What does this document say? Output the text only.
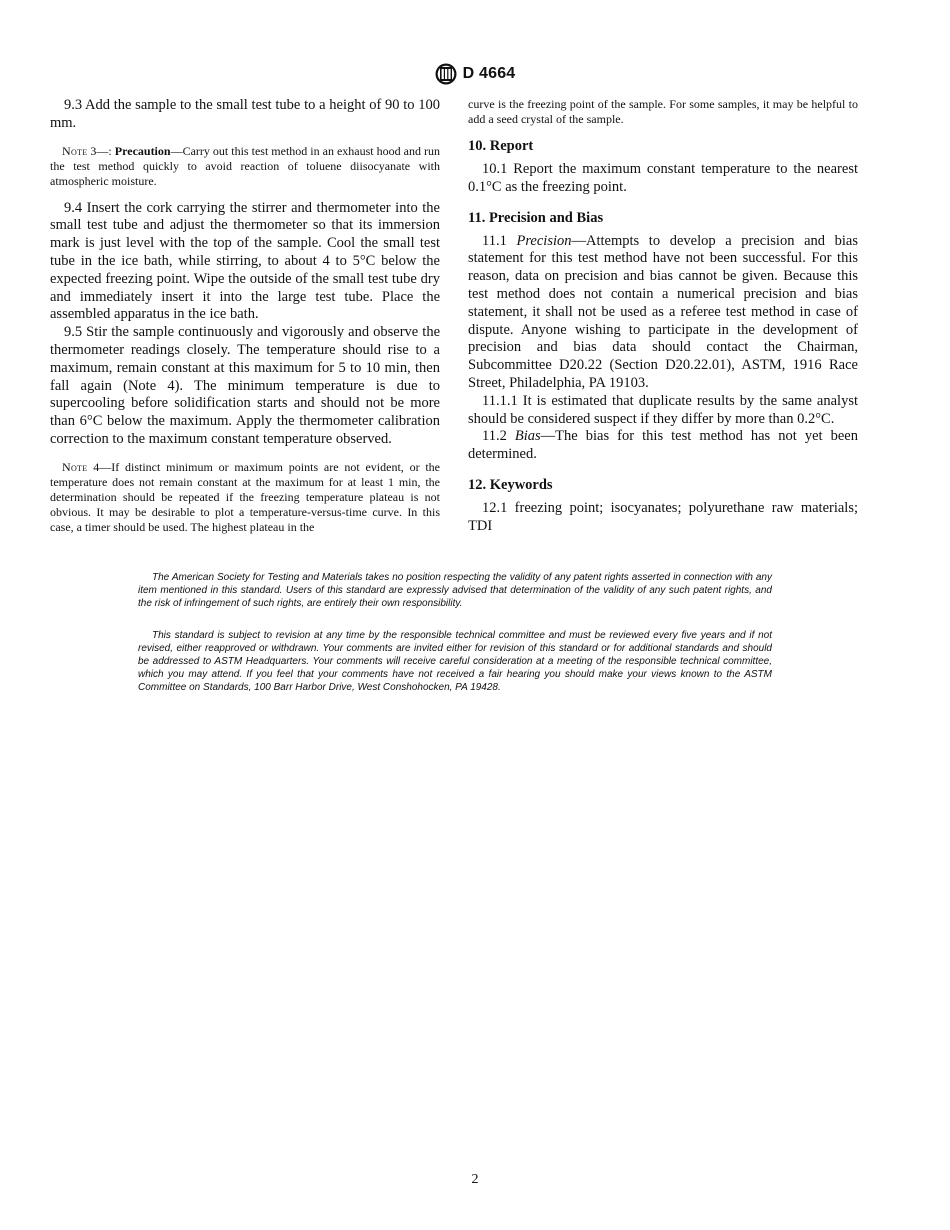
D 4664

9.3 Add the sample to the small test tube to a height of 90 to 100 mm.

Note 3—: Precaution—Carry out this test method in an exhaust hood and run the test method quickly to avoid reaction of toluene diisocyanate with atmospheric moisture.

9.4 Insert the cork carrying the stirrer and thermometer into the small test tube and adjust the thermometer so that its immersion mark is just level with the top of the sample. Cool the small test tube in the ice bath, while stirring, to about 4 to 5°C below the expected freezing point. Wipe the outside of the small test tube dry and immediately insert it into the large test tube. Place the assembled apparatus in the ice bath.

9.5 Stir the sample continuously and vigorously and observe the thermometer readings closely. The temperature should rise to a maximum, remain constant at this maximum for 5 to 10 min, then fall again (Note 4). The minimum temperature is due to supercooling before solidification starts and should not be more than 6°C below the maximum. Apply the thermometer calibration correction to the maximum constant temperature observed.

Note 4—If distinct minimum or maximum points are not evident, or the temperature does not remain constant at the maximum for at least 1 min, the determination should be repeated if the freezing temperature plateau is not obvious. It may be desirable to plot a temperature-versus-time curve. In this case, a timer should be used. The highest plateau in the

curve is the freezing point of the sample. For some samples, it may be helpful to add a seed crystal of the sample.

10. Report

10.1 Report the maximum constant temperature to the nearest 0.1°C as the freezing point.

11. Precision and Bias

11.1 Precision—Attempts to develop a precision and bias statement for this test method have not been successful. For this reason, data on precision and bias cannot be given. Because this test method does not contain a numerical precision and bias statement, it shall not be used as a referee test method in case of dispute. Anyone wishing to participate in the development of precision and bias data should contact the Chairman, Subcommittee D20.22 (Section D20.22.01), ASTM, 1916 Race Street, Philadelphia, PA 19103.

11.1.1 It is estimated that duplicate results by the same analyst should be considered suspect if they differ by more than 0.2°C.

11.2 Bias—The bias for this test method has not yet been determined.

12. Keywords

12.1 freezing point; isocyanates; polyurethane raw materials; TDI

The American Society for Testing and Materials takes no position respecting the validity of any patent rights asserted in connection with any item mentioned in this standard. Users of this standard are expressly advised that determination of the validity of any such patent rights, and the risk of infringement of such rights, are entirely their own responsibility.

This standard is subject to revision at any time by the responsible technical committee and must be reviewed every five years and if not revised, either reapproved or withdrawn. Your comments are invited either for revision of this standard or for additional standards and should be addressed to ASTM Headquarters. Your comments will receive careful consideration at a meeting of the responsible technical committee, which you may attend. If you feel that your comments have not received a fair hearing you should make your views known to the ASTM Committee on Standards, 100 Barr Harbor Drive, West Conshohocken, PA 19428.

2
